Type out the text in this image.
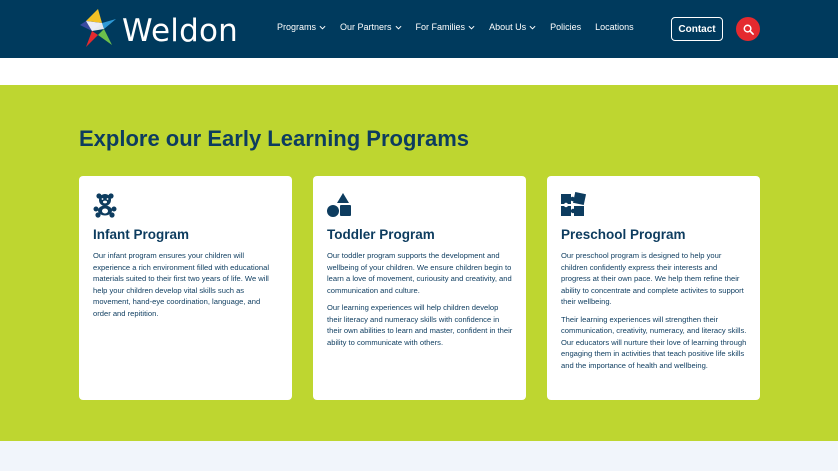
Weldon	Programs	Our Partners	For Families	About Us	Policies Locations	Contact
Explore our Early Learning Programs
Infant Program

Our infant program ensures your children will experience a rich environment filled with educational materials suited to their first two years of life. We will help your children develop vital skills such as movement, hand-eye coordination, language, and order and repitition.

Toddler Program

Our toddler program supports the development and wellbeing of your children. We ensure children begin to learn a love of movement, curiousity and creativity, and communication and culture.

Our learning experiences will help children develop their literacy and numeracy skills with confidence in their own abilities to learn and master, confident in their ability to communicate with others.

Preschool Program

Our preschool program is designed to help your children confidently express their interests and progress at their own pace. We help them refine their ability to concentrate and complete activites to support their wellbeing.

Their learning experiences will strengthen their communication, creativity, numeracy, and literacy skills. Our educators will nurture their love of learning through engaging them in activities that teach positive life skills and the importance of health and wellbeing.
